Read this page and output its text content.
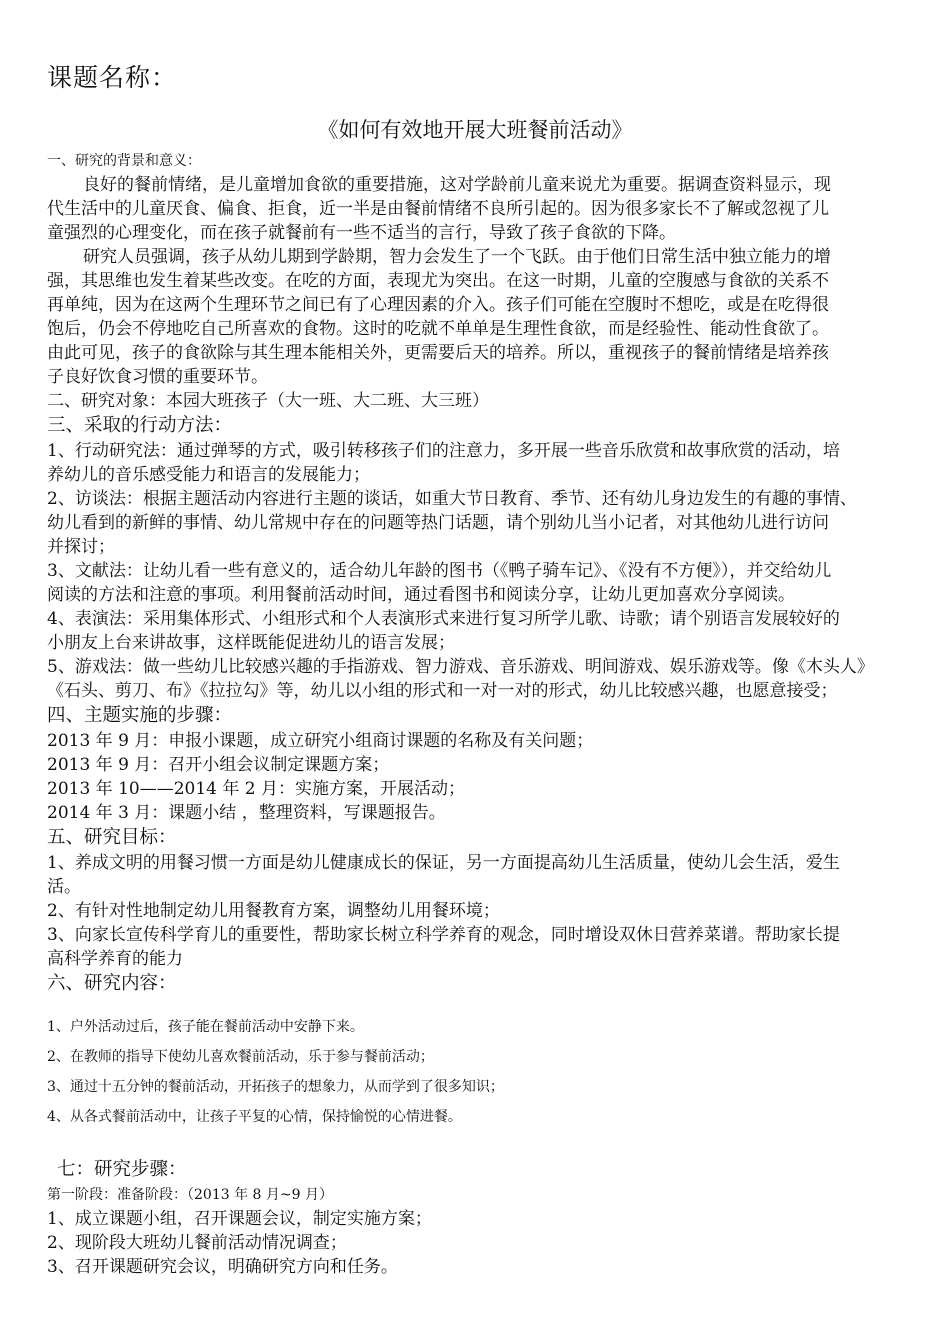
课题名称：
《如何有效地开展大班餐前活动》
一、研究的背景和意义：
良好的餐前情绪，是儿童增加食欲的重要措施，这对学龄前儿童来说尤为重要。据调查资料显示，现
代生活中的儿童厌食、偏食、拒食，近一半是由餐前情绪不良所引起的。因为很多家长不了解或忽视了儿
童强烈的心理变化，而在孩子就餐前有一些不适当的言行，导致了孩子食欲的下降。
研究人员强调，孩子从幼儿期到学龄期，智力会发生了一个飞跃。由于他们日常生活中独立能力的增
强，其思维也发生着某些改变。在吃的方面，表现尤为突出。在这一时期，儿童的空腹感与食欲的关系不
再单纯，因为在这两个生理环节之间已有了心理因素的介入。孩子们可能在空腹时不想吃，或是在吃得很
饱后，仍会不停地吃自己所喜欢的食物。这时的吃就不单单是生理性食欲，而是经验性、能动性食欲了。
由此可见，孩子的食欲除与其生理本能相关外，更需要后天的培养。所以，重视孩子的餐前情绪是培养孩
子良好饮食习惯的重要环节。
二、研究对象：本园大班孩子（大一班、大二班、大三班）
三、采取的行动方法：
1、行动研究法：通过弹琴的方式，吸引转移孩子们的注意力，多开展一些音乐欣赏和故事欣赏的活动，培
养幼儿的音乐感受能力和语言的发展能力；
2、访谈法：根据主题活动内容进行主题的谈话，如重大节日教育、季节、还有幼儿身边发生的有趣的事情、
幼儿看到的新鲜的事情、幼儿常规中存在的问题等热门话题，请个别幼儿当小记者，对其他幼儿进行访问
并探讨；
3、文献法：让幼儿看一些有意义的，适合幼儿年龄的图书（《鸭子骑车记》、《没有不方便》），并交给幼儿
阅读的方法和注意的事项。利用餐前活动时间，通过看图书和阅读分享，让幼儿更加喜欢分享阅读。
4、表演法：采用集体形式、小组形式和个人表演形式来进行复习所学儿歌、诗歌；请个别语言发展较好的
小朋友上台来讲故事，这样既能促进幼儿的语言发展；
5、游戏法：做一些幼儿比较感兴趣的手指游戏、智力游戏、音乐游戏、明间游戏、娱乐游戏等。像《木头人》
《石头、剪刀、布》《拉拉勾》等，幼儿以小组的形式和一对一对的形式，幼儿比较感兴趣，也愿意接受；
四、主题实施的步骤：
2013 年 9 月：申报小课题，成立研究小组商讨课题的名称及有关问题；
2013 年 9 月：召开小组会议制定课题方案；
2013 年 10——2014 年 2 月：实施方案，开展活动；
2014 年 3 月：课题小结 ，整理资料，写课题报告。
五、研究目标：
1、养成文明的用餐习惯一方面是幼儿健康成长的保证，另一方面提高幼儿生活质量，使幼儿会生活，爱生
活。
2、有针对性地制定幼儿用餐教育方案，调整幼儿用餐环境；
3、向家长宣传科学育儿的重要性，帮助家长树立科学养育的观念，同时增设双休日营养菜谱。帮助家长提
高科学养育的能力
六、研究内容：
1、户外活动过后，孩子能在餐前活动中安静下来。
2、在教师的指导下使幼儿喜欢餐前活动，乐于参与餐前活动；
3、通过十五分钟的餐前活动，开拓孩子的想象力，从而学到了很多知识；
4、从各式餐前活动中，让孩子平复的心情，保持愉悦的心情进餐。
七：研究步骤：
第一阶段：准备阶段：（2013 年 8 月~9 月）
1、成立课题小组，召开课题会议，制定实施方案；
2、现阶段大班幼儿餐前活动情况调查；
3、召开课题研究会议，明确研究方向和任务。
